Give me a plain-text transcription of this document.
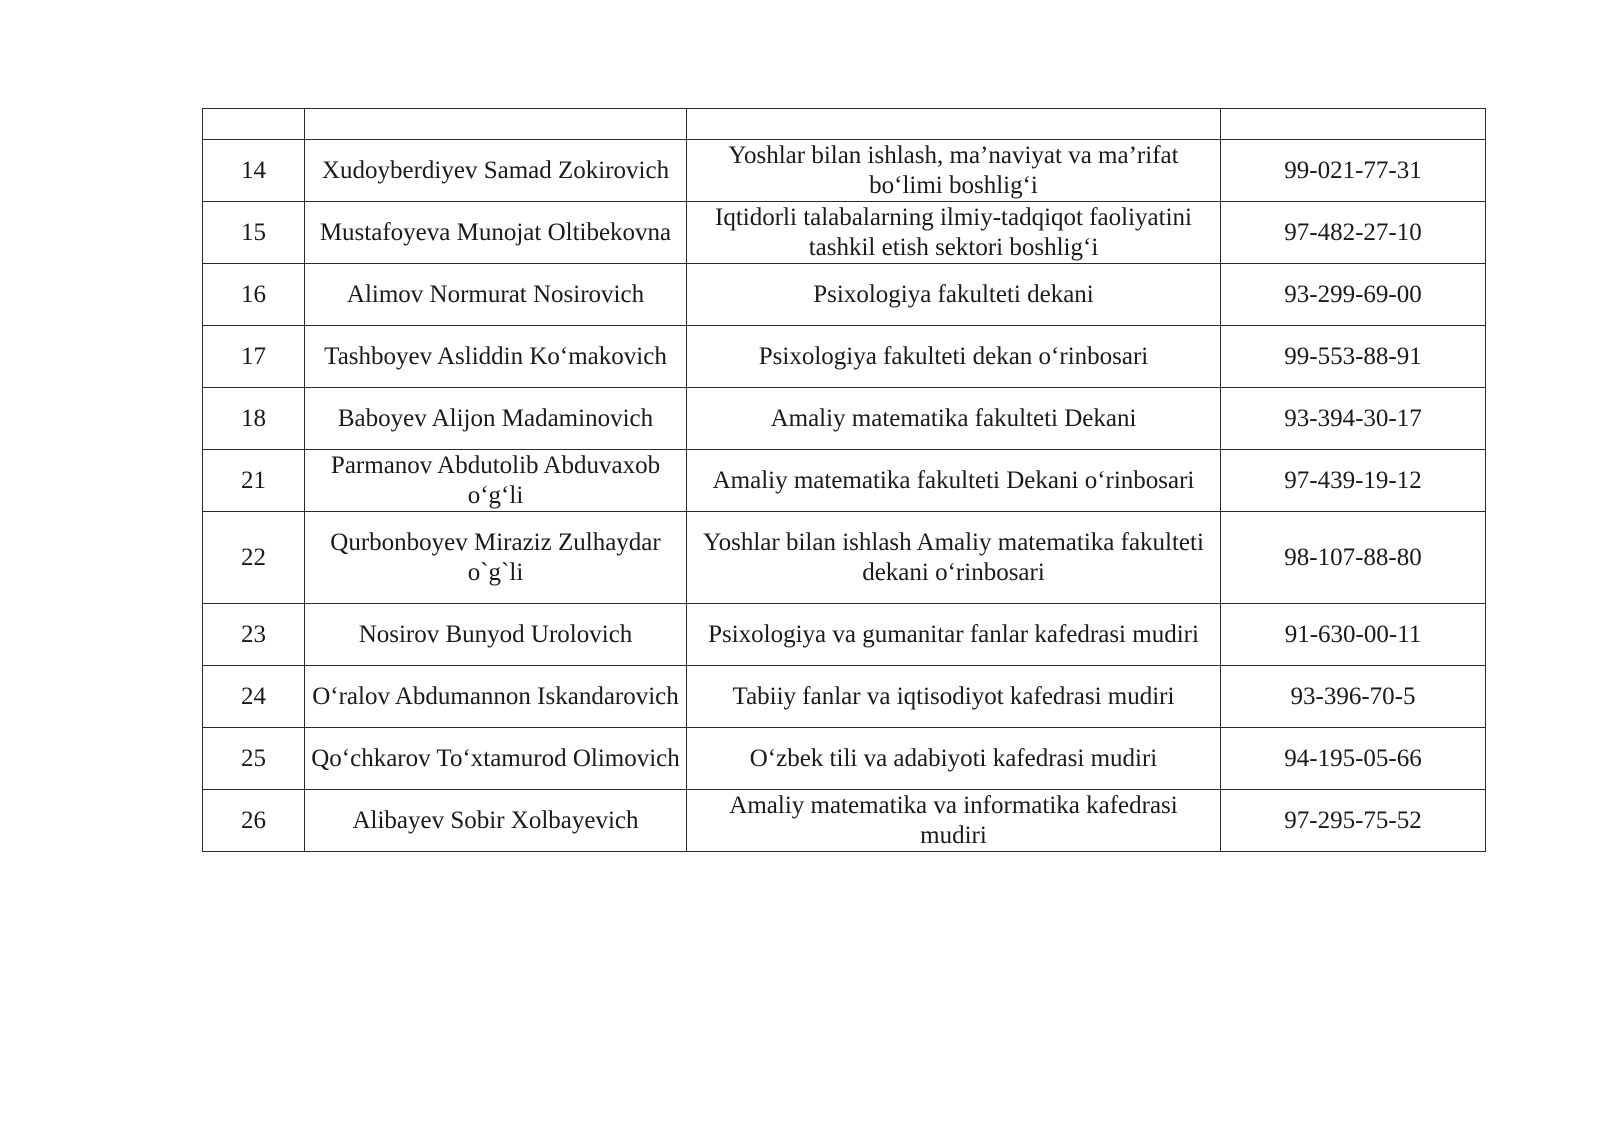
14	Xudoyberdiyev Samad Zokirovich	Yoshlar bilan ishlash, ma’naviyat va ma’rifat bo‘limi boshlig‘i	99-021-77-31
15	Mustafoyeva Munojat Oltibekovna	Iqtidorli talabalarning ilmiy-tadqiqot faoliyatini tashkil etish sektori boshlig‘i	97-482-27-10
16	Alimov Normurat Nosirovich	Psixologiya fakulteti dekani	93-299-69-00
17	Tashboyev Asliddin Ko‘makovich	Psixologiya fakulteti dekan o‘rinbosari	99-553-88-91
18	Baboyev Alijon Madaminovich	Amaliy matematika fakulteti Dekani	93-394-30-17
21	Parmanov Abdutolib Abduvaxob o‘g‘li	Amaliy matematika fakulteti Dekani o‘rinbosari	97-439-19-12
22	Qurbonboyev Miraziz Zulhaydar o`g`li	Yoshlar bilan ishlash Amaliy matematika fakulteti dekani o‘rinbosari	98-107-88-80
23	Nosirov Bunyod Urolovich	Psixologiya va gumanitar fanlar kafedrasi mudiri	91-630-00-11
24	O‘ralov Abdumannon Iskandarovich	Tabiiy fanlar va iqtisodiyot kafedrasi mudiri	93-396-70-5
25	Qo‘chkarov To‘xtamurod Olimovich	O‘zbek tili va adabiyoti kafedrasi mudiri	94-195-05-66
26	Alibayev Sobir Xolbayevich	Amaliy matematika va informatika kafedrasi mudiri	97-295-75-52
